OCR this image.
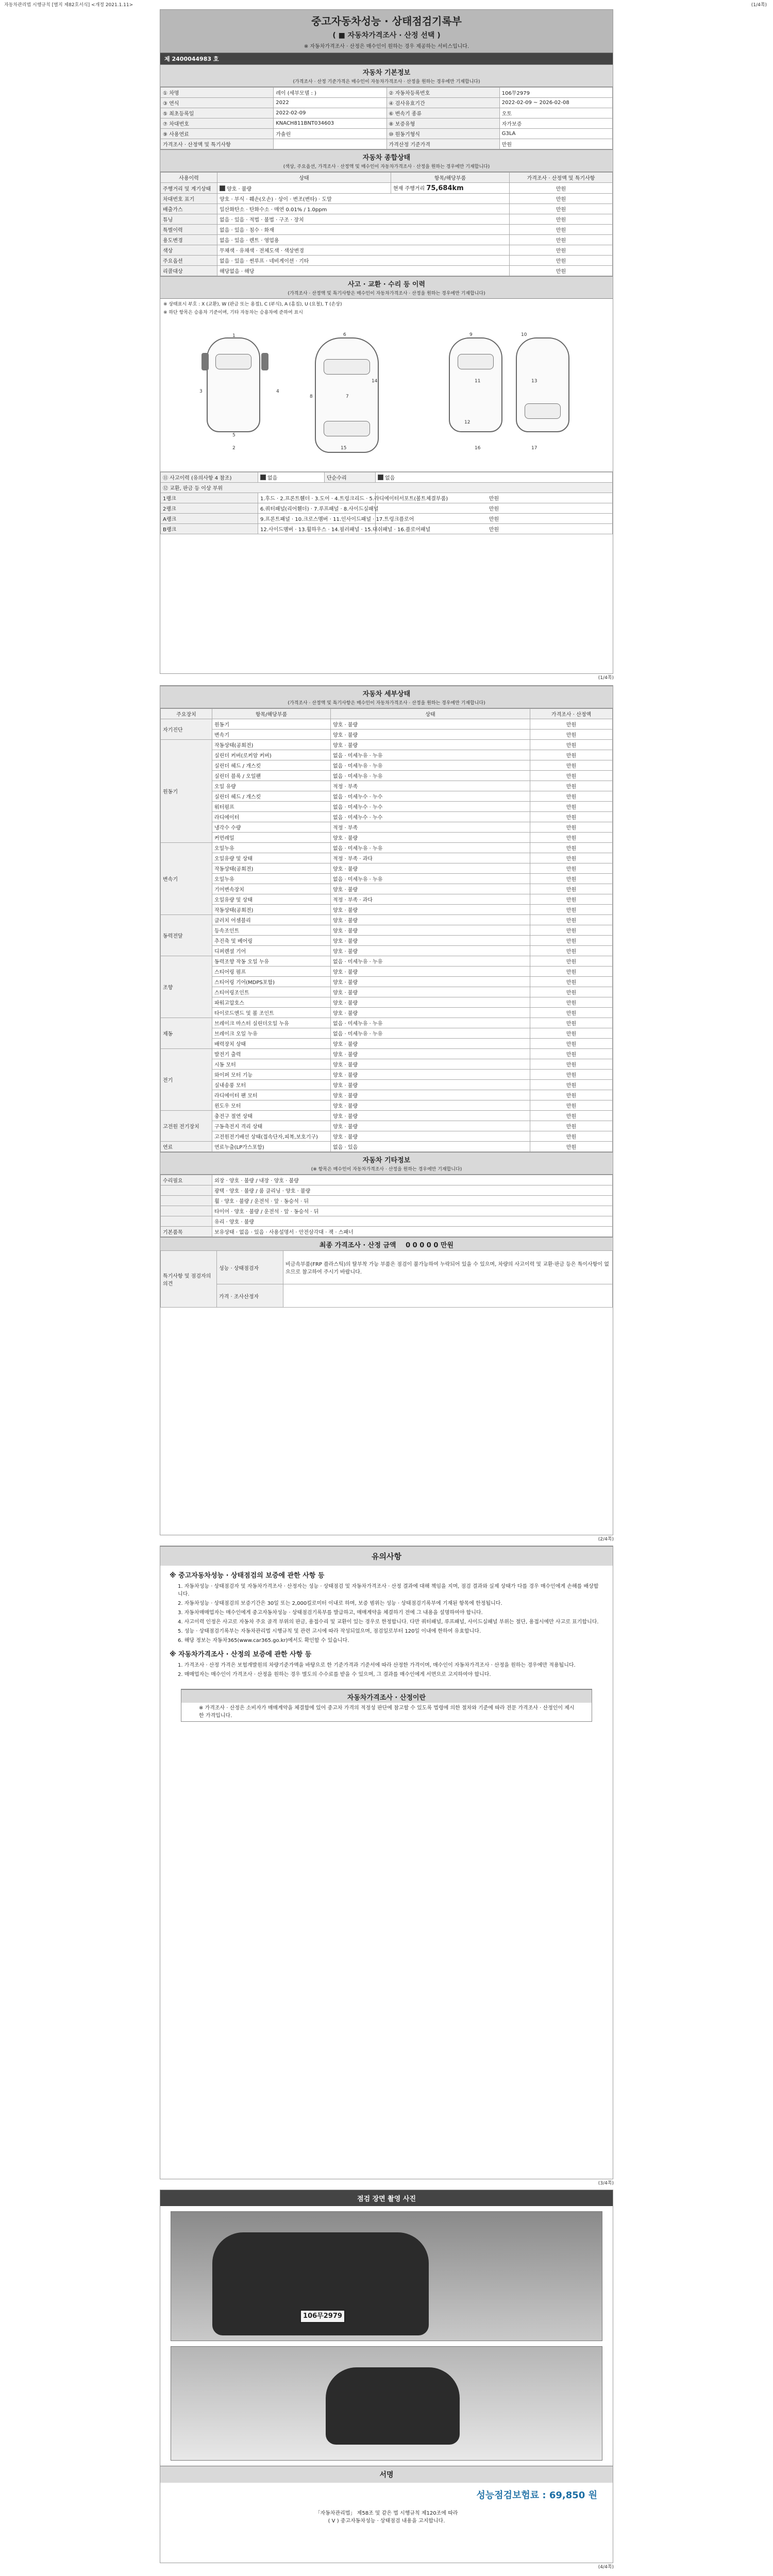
자동차관리법 시행규칙 [별지 제82호서식] <개정 2021.1.11>	(1/4쪽)
중고자동차성능 · 상태점검기록부
( ■ 자동차가격조사 · 산정 선택 )
※ 자동차가격조사 · 산정은 매수인이 원하는 경우 제공하는 서비스입니다.
제 2400044983 호
자동차 기본정보
(가격조사 · 산정 기준가격은 매수인이 자동차가격조사 · 산정을 원하는 경우에만 기재합니다)
① 차명	레이 (세부모델 : )	② 자동차등록번호	106무2979
③ 연식	2022	④ 검사유효기간	2022-02-09 ~ 2026-02-08
⑤ 최초등록일	2022-02-09	⑥ 변속기 종류	오토
⑦ 차대번호	KNACH811BNT034603	⑧ 보증유형	자가보증
⑨ 사용연료	가솔린	⑩ 원동기형식	G3LA
가격조사 · 산정액 및 특기사항		가격산정 기준가격	만원
자동차 종합상태
(색상, 주요옵션, 가격조사 · 산정액 및 매수인이 자동차가격조사 · 산정을 원하는 경우에만 기재합니다)
사용이력	상태	항목/해당부품	가격조사 · 산정액 및 특기사항
주행거리 및 계기상태	양호 · 불량	현재 주행거리 75,684km	만원
차대번호 표기	양호 · 부식 · 훼손(오손) · 상이 · 변조(변타) · 도말		만원
배출가스	일산화탄소 · 탄화수소 · 매연 0.01% / 1.0ppm		만원
튜닝	없음 · 있음 · 적법 · 불법 · 구조 · 장치		만원
특별이력	없음 · 있음 · 침수 · 화재		만원
용도변경	없음 · 있음 · 렌트 · 영업용		만원
색상	무채색 · 유채색 · 전체도색 · 색상변경		만원
주요옵션	없음 · 있음 · 썬루프 · 네비게이션 · 기타		만원
리콜대상	해당없음 · 해당		만원
사고 · 교환 · 수리 등 이력
(가격조사 · 산정액 및 특기사항은 매수인이 자동차가격조사 · 산정을 원하는 경우에만 기재합니다)
※ 상태표시 부호 : X (교환), W (판금 또는 용접), C (부식), A (흠집), U (요철), T (손상)
※ 하단 항목은 승용차 기준이며, 기타 자동차는 승용차에 준하여 표시
1
2
3	4
5
6
7
8
9	10
11
12
13
14
15	16	17
⑪ 사고이력 (유의사항 4 참조)	없음	단순수리	없음
⑫ 교환, 판금 등 이상 부위			
1랭크	1.후드 · 2.프론트휀더 · 3.도어 · 4.트렁크리드 · 5.라디에이터서포트(볼트체결부품)		만원
2랭크	6.쿼터패널(리어휀더) · 7.루프패널 · 8.사이드실패널		만원
A랭크	9.프론트패널 · 10.크로스멤버 · 11.인사이드패널 · 17.트렁크플로어		만원
B랭크	12.사이드멤버 · 13.휠하우스 · 14.필러패널 · 15.대쉬패널 · 16.플로어패널		만원
(1/4쪽)
자동차 세부상태
(가격조사 · 산정액 및 특기사항은 매수인이 자동차가격조사 · 산정을 원하는 경우에만 기재합니다)
주요장치	항목/해당부품	상태	가격조사 · 산정액
자기진단	원동기	양호 · 불량	만원
	변속기	양호 · 불량	만원
원동기	작동상태(공회전)	양호 · 불량	만원
	실린더 커버(로커암 커버)	없음 · 미세누유 · 누유	만원
	실린더 헤드 / 개스킷	없음 · 미세누유 · 누유	만원
	실린더 블록 / 오일팬	없음 · 미세누유 · 누유	만원
	오일 유량	적정 · 부족	만원
	실린더 헤드 / 개스킷	없음 · 미세누수 · 누수	만원
	워터펌프	없음 · 미세누수 · 누수	만원
	라디에이터	없음 · 미세누수 · 누수	만원
	냉각수 수량	적정 · 부족	만원
	커먼레일	양호 · 불량	만원
변속기	오일누유	없음 · 미세누유 · 누유	만원
	오일유량 및 상태	적정 · 부족 · 과다	만원
	작동상태(공회전)	양호 · 불량	만원
	오일누유	없음 · 미세누유 · 누유	만원
	기어변속장치	양호 · 불량	만원
	오일유량 및 상태	적정 · 부족 · 과다	만원
	작동상태(공회전)	양호 · 불량	만원
동력전달	클러치 어셈블리	양호 · 불량	만원
	등속조인트	양호 · 불량	만원
	추진축 및 베어링	양호 · 불량	만원
	디퍼렌셜 기어	양호 · 불량	만원
조향	동력조향 작동 오일 누유	없음 · 미세누유 · 누유	만원
	스티어링 펌프	양호 · 불량	만원
	스티어링 기어(MDPS포함)	양호 · 불량	만원
	스티어링조인트	양호 · 불량	만원
	파워고압호스	양호 · 불량	만원
	타이로드엔드 및 볼 조인트	양호 · 불량	만원
제동	브레이크 마스터 실린더오일 누유	없음 · 미세누유 · 누유	만원
	브레이크 오일 누유	없음 · 미세누유 · 누유	만원
	배력장치 상태	양호 · 불량	만원
전기	발전기 출력	양호 · 불량	만원
	시동 모터	양호 · 불량	만원
	와이퍼 모터 기능	양호 · 불량	만원
	실내송풍 모터	양호 · 불량	만원
	라디에이터 팬 모터	양호 · 불량	만원
	윈도우 모터	양호 · 불량	만원
고전원 전기장치	충전구 절연 상태	양호 · 불량	만원
	구동축전지 격리 상태	양호 · 불량	만원
	고전원전기배선 상태(접속단자,피복,보호기구)	양호 · 불량	만원
연료	연료누출(LP가스포함)	없음 · 있음	만원
자동차 기타정보
(※ 항목은 매수인이 자동차가격조사 · 산정을 원하는 경우에만 기재합니다)
수리필요	외장 · 양호 · 불량 / 내장 · 양호 · 불량
	광택 · 양호 · 불량 / 룸 클리닝 · 양호 · 불량
	휠 · 양호 · 불량 / 운전석 · 앞 · 동승석 · 뒤
	타이어 · 양호 · 불량 / 운전석 · 앞 · 동승석 · 뒤
	유리 · 양호 · 불량
기본품목	보유상태 · 없음 · 있음 · 사용설명서 · 안전삼각대 · 잭 · 스패너
최종 가격조사 · 산정 금액 0 0 0 0 0 만원
특기사항 및 점검자의 의견	성능 · 상태점검자	비금속부품(FRP 플라스틱)의 탈부착 가능 부품은 점검이 불가능하여 누락되어 있을 수 있으며, 차량의 사고이력 및 교환·판금 등은 특이사항이 없으므로 참고하여 주시기 바랍니다.
	가격 · 조사산정자	
(2/4쪽)
유의사항
※ 중고자동차성능 · 상태점검의 보증에 관한 사항 등

1. 자동차성능 · 상태점검자 및 자동차가격조사 · 산정자는 성능 · 상태점검 및 자동차가격조사 · 산정 결과에 대해 책임을 지며, 점검 결과와 실제 상태가 다를 경우 매수인에게 손해를 배상합니다.

2. 자동차성능 · 상태점검의 보증기간은 30일 또는 2,000킬로미터 이내로 하며, 보증 범위는 성능 · 상태점검기록부에 기재된 항목에 한정됩니다.

3. 자동차매매업자는 매수인에게 중고자동차성능 · 상태점검기록부를 발급하고, 매매계약을 체결하기 전에 그 내용을 설명하여야 합니다.

4. 사고이력 인정은 사고로 자동차 주요 골격 부위의 판금, 용접수리 및 교환이 있는 경우로 한정합니다. 다만 쿼터패널, 루프패널, 사이드실패널 부위는 절단, 용접시에만 사고로 표기합니다.

5. 성능 · 상태점검기록부는 자동차관리법 시행규칙 및 관련 고시에 따라 작성되었으며, 점검일로부터 120일 이내에 한하여 유효합니다.

6. 해당 정보는 자동차365(www.car365.go.kr)에서도 확인할 수 있습니다.

※ 자동차가격조사 · 산정의 보증에 관한 사항 등

1. 가격조사 · 산정 가격은 보험개발원의 차량기준가액을 바탕으로 한 기준가격과 기준서에 따라 산정한 가격이며, 매수인이 자동차가격조사 · 산정을 원하는 경우에만 적용됩니다.

2. 매매업자는 매수인이 가격조사 · 산정을 원하는 경우 별도의 수수료를 받을 수 있으며, 그 결과를 매수인에게 서면으로 고지하여야 합니다.

자동차가격조사 · 산정이란

※ 가격조사 · 산정은 소비자가 매매계약을 체결함에 있어 중고차 가격의 적정성 판단에 참고할 수 있도록 법령에 의한 절차와 기준에 따라 전문 가격조사 · 산정인이 제시한 가격입니다.

(3/4쪽)
점검 장면 촬영 사진
106무2979
서명
성능점검보험료 : 69,850 원
「자동차관리법」 제58조 및 같은 법 시행규칙 제120조에 따라
( V ) 중고자동차성능 · 상태점검 내용을 고지합니다.
(4/4쪽)
